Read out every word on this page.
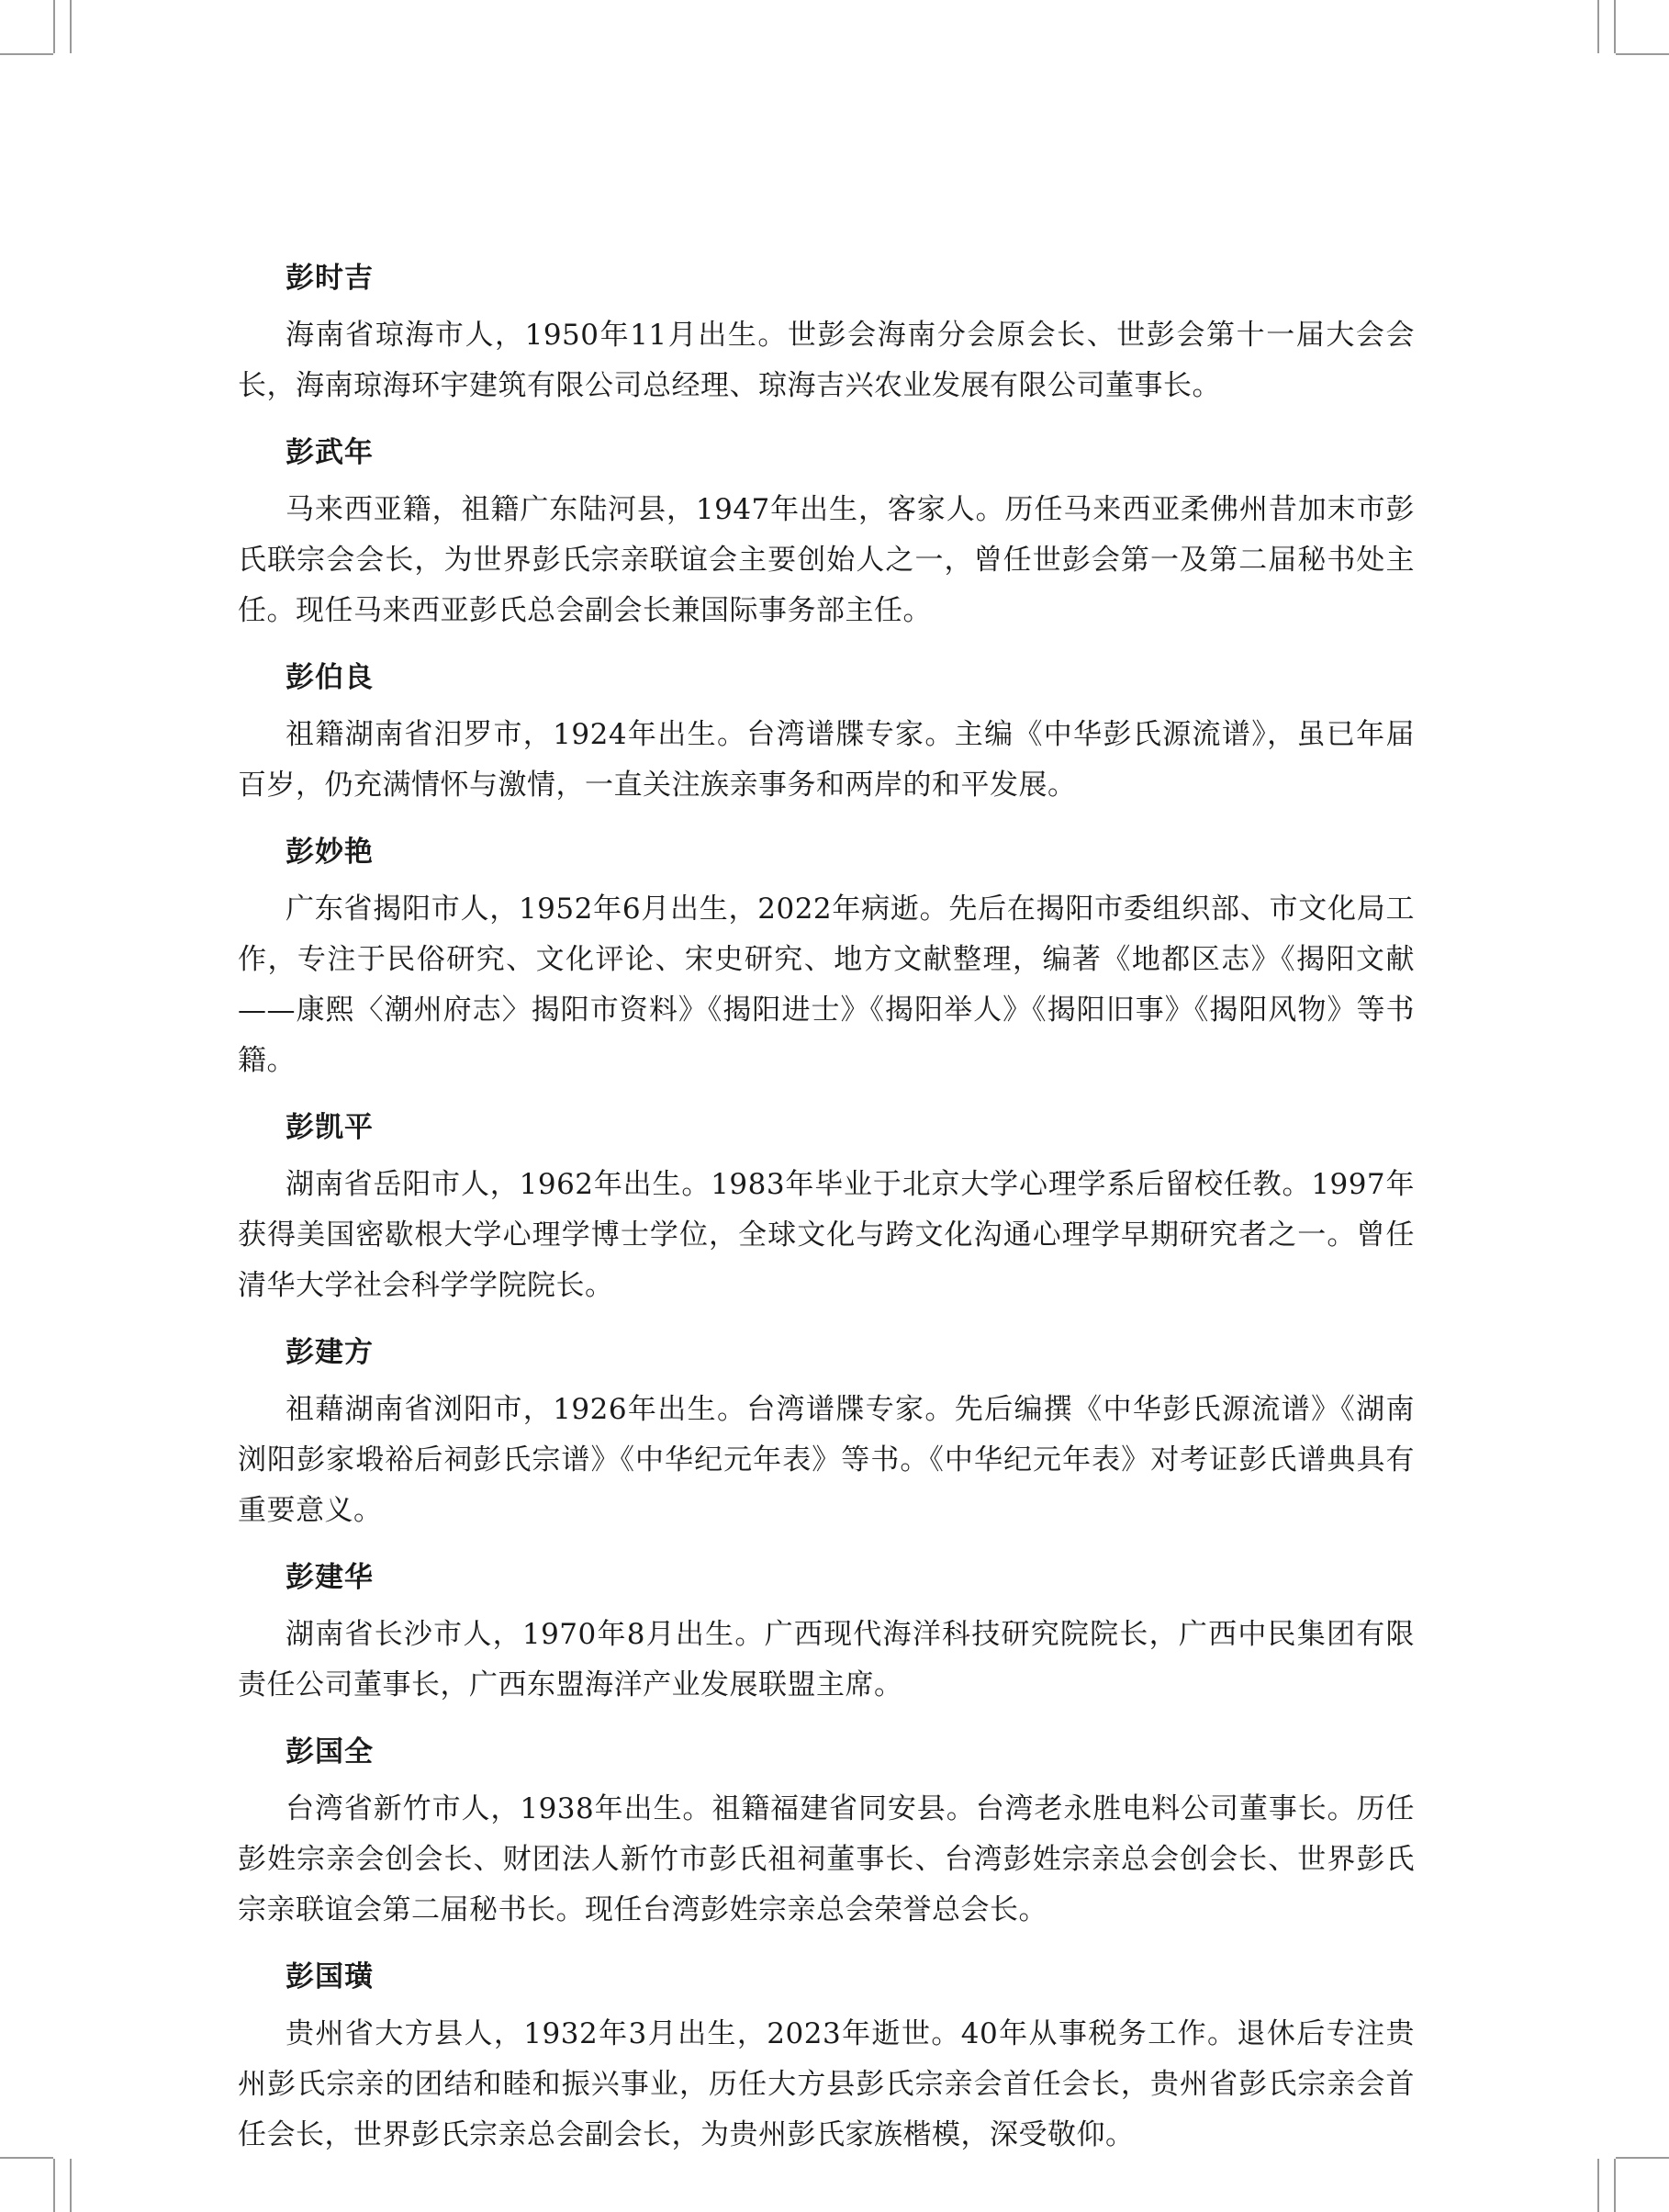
彭时吉

海南省琼海市人，1950年11月出生。世彭会海南分会原会长、世彭会第十一届大会会长，海南琼海环宇建筑有限公司总经理、琼海吉兴农业发展有限公司董事长。

彭武年

马来西亚籍，祖籍广东陆河县，1947年出生，客家人。历任马来西亚柔佛州昔加末市彭氏联宗会会长，为世界彭氏宗亲联谊会主要创始人之一，曾任世彭会第一及第二届秘书处主任。现任马来西亚彭氏总会副会长兼国际事务部主任。

彭伯良

祖籍湖南省汨罗市，1924年出生。台湾谱牒专家。主编《中华彭氏源流谱》，虽已年届百岁，仍充满情怀与激情，一直关注族亲事务和两岸的和平发展。

彭妙艳

广东省揭阳市人，1952年6月出生，2022年病逝。先后在揭阳市委组织部、市文化局工作，专注于民俗研究、文化评论、宋史研究、地方文献整理，编著《地都区志》《揭阳文献——康熙〈潮州府志〉揭阳市资料》《揭阳进士》《揭阳举人》《揭阳旧事》《揭阳风物》等书籍。

彭凯平

湖南省岳阳市人，1962年出生。1983年毕业于北京大学心理学系后留校任教。1997年获得美国密歇根大学心理学博士学位，全球文化与跨文化沟通心理学早期研究者之一。曾任清华大学社会科学学院院长。

彭建方

祖藉湖南省浏阳市，1926年出生。台湾谱牒专家。先后编撰《中华彭氏源流谱》《湖南浏阳彭家塅裕后祠彭氏宗谱》《中华纪元年表》等书。《中华纪元年表》对考证彭氏谱典具有重要意义。

彭建华

湖南省长沙市人，1970年8月出生。广西现代海洋科技研究院院长，广西中民集团有限责任公司董事长，广西东盟海洋产业发展联盟主席。

彭国全

台湾省新竹市人，1938年出生。祖籍福建省同安县。台湾老永胜电料公司董事长。历任彭姓宗亲会创会长、财团法人新竹市彭氏祖祠董事长、台湾彭姓宗亲总会创会长、世界彭氏宗亲联谊会第二届秘书长。现任台湾彭姓宗亲总会荣誉总会长。

彭国璜

贵州省大方县人，1932年3月出生，2023年逝世。40年从事税务工作。退休后专注贵州彭氏宗亲的团结和睦和振兴事业，历任大方县彭氏宗亲会首任会长，贵州省彭氏宗亲会首任会长，世界彭氏宗亲总会副会长，为贵州彭氏家族楷模，深受敬仰。
